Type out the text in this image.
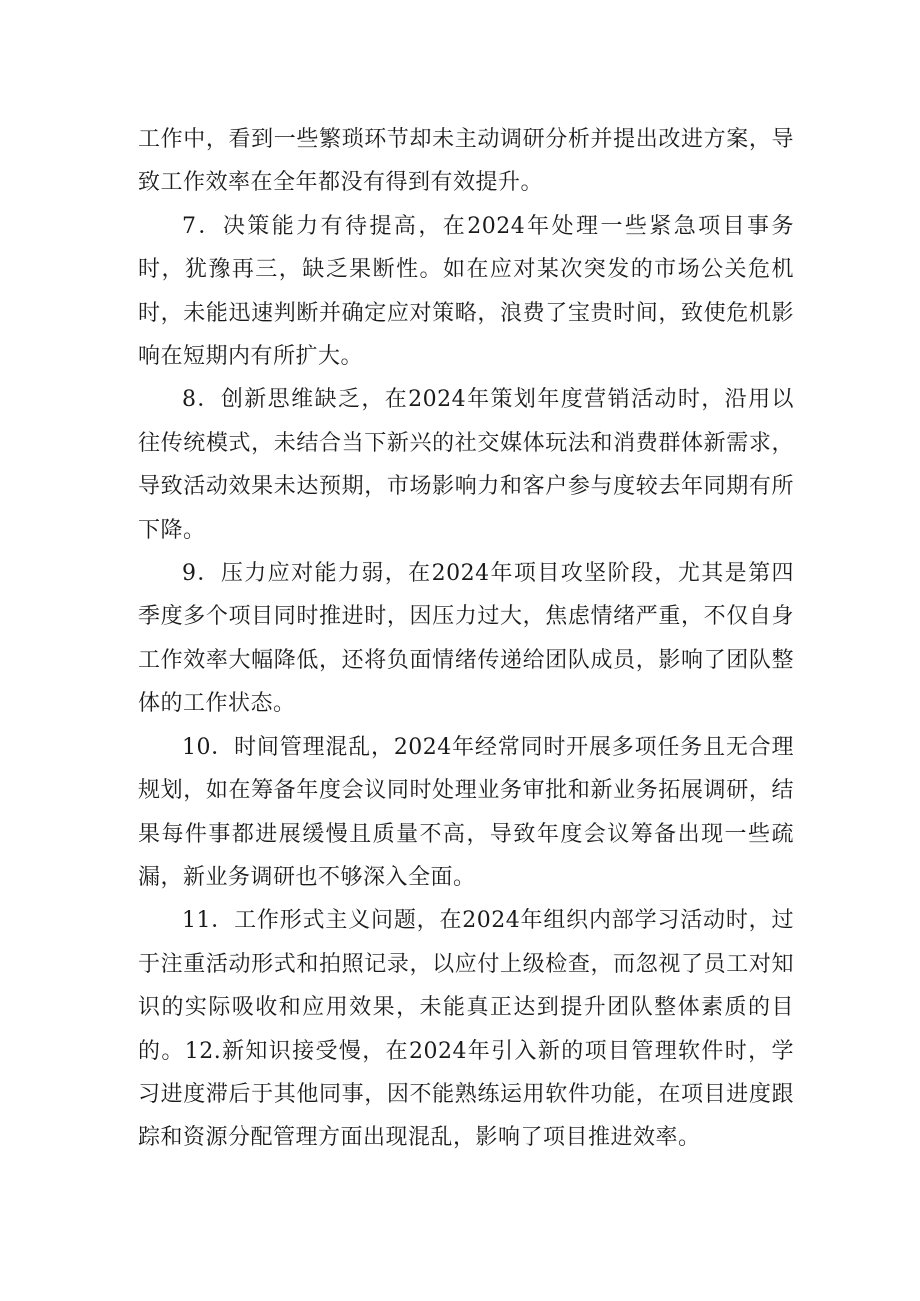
工作中，看到一些繁琐环节却未主动调研分析并提出改进方案，导致工作效率在全年都没有得到有效提升。

7．决策能力有待提高，在2024年处理一些紧急项目事务时，犹豫再三，缺乏果断性。如在应对某次突发的市场公关危机时，未能迅速判断并确定应对策略，浪费了宝贵时间，致使危机影响在短期内有所扩大。

8．创新思维缺乏，在2024年策划年度营销活动时，沿用以往传统模式，未结合当下新兴的社交媒体玩法和消费群体新需求，导致活动效果未达预期，市场影响力和客户参与度较去年同期有所下降。

9．压力应对能力弱，在2024年项目攻坚阶段，尤其是第四季度多个项目同时推进时，因压力过大，焦虑情绪严重，不仅自身工作效率大幅降低，还将负面情绪传递给团队成员，影响了团队整体的工作状态。

10．时间管理混乱，2024年经常同时开展多项任务且无合理规划，如在筹备年度会议同时处理业务审批和新业务拓展调研，结果每件事都进展缓慢且质量不高，导致年度会议筹备出现一些疏漏，新业务调研也不够深入全面。

11．工作形式主义问题，在2024年组织内部学习活动时，过于注重活动形式和拍照记录，以应付上级检查，而忽视了员工对知识的实际吸收和应用效果，未能真正达到提升团队整体素质的目的。12.新知识接受慢，在2024年引入新的项目管理软件时，学习进度滞后于其他同事，因不能熟练运用软件功能，在项目进度跟踪和资源分配管理方面出现混乱，影响了项目推进效率。
